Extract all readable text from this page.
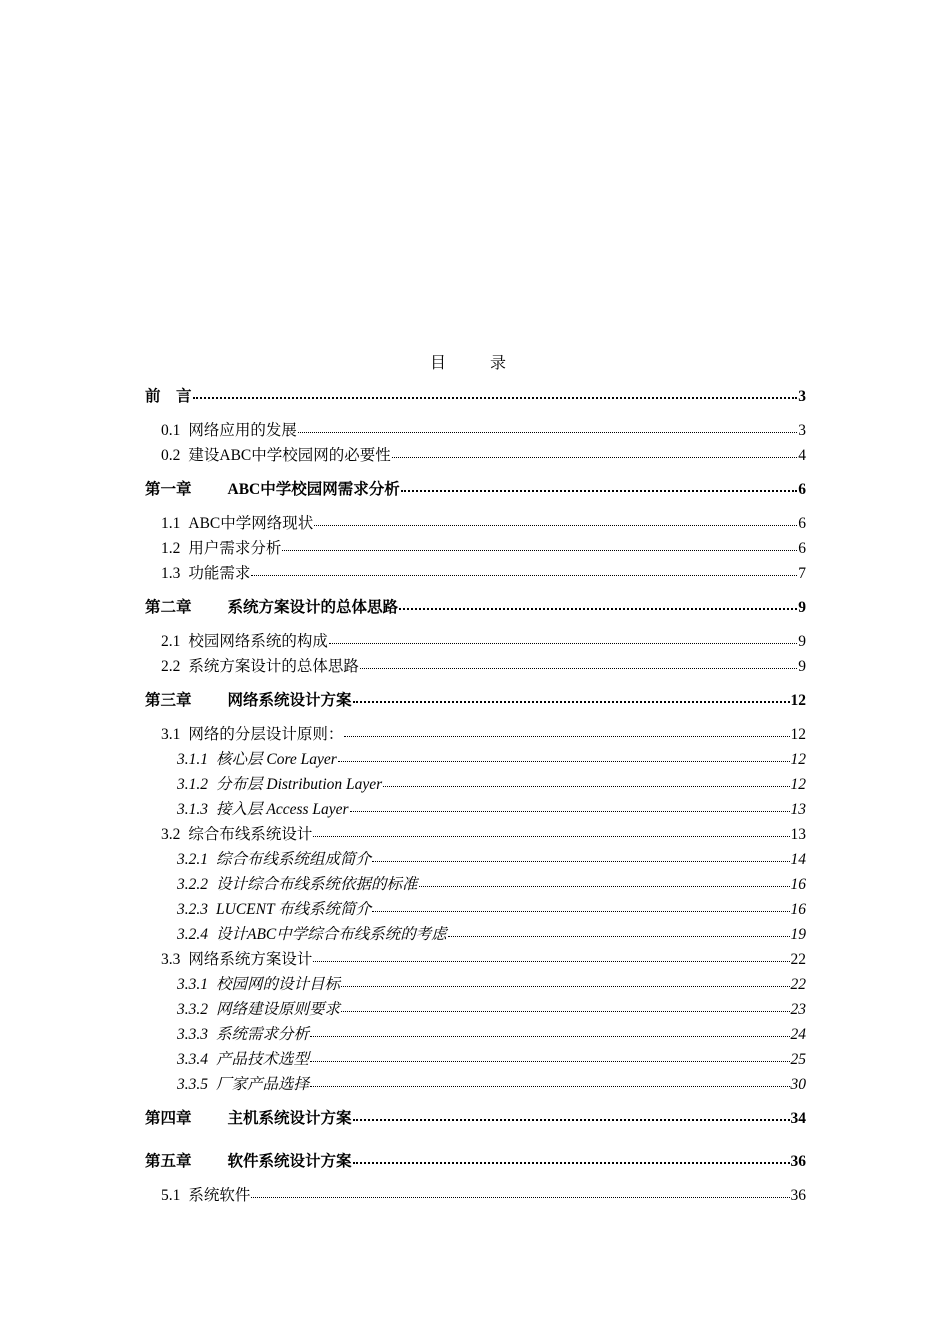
目　录
前　言	3
0.1 网络应用的发展	3
0.2 建设ABC中学校园网的必要性	4
第一章 ABC中学校园网需求分析	6
1.1 ABC中学网络现状	6
1.2 用户需求分析	6
1.3 功能需求	7
第二章 系统方案设计的总体思路	9
2.1 校园网络系统的构成	9
2.2 系统方案设计的总体思路	9
第三章 网络系统设计方案	12
3.1 网络的分层设计原则：	12
3.1.1 核心层 Core Layer	12
3.1.2 分布层 Distribution Layer	12
3.1.3 接入层 Access Layer	13
3.2 综合布线系统设计	13
3.2.1 综合布线系统组成简介	14
3.2.2 设计综合布线系统依据的标准	16
3.2.3 LUCENT 布线系统简介	16
3.2.4 设计ABC中学综合布线系统的考虑	19
3.3 网络系统方案设计	22
3.3.1 校园网的设计目标	22
3.3.2 网络建设原则要求	23
3.3.3 系统需求分析	24
3.3.4 产品技术选型	25
3.3.5 厂家产品选择	30
第四章 主机系统设计方案	34
第五章 软件系统设计方案	36
5.1 系统软件	36
